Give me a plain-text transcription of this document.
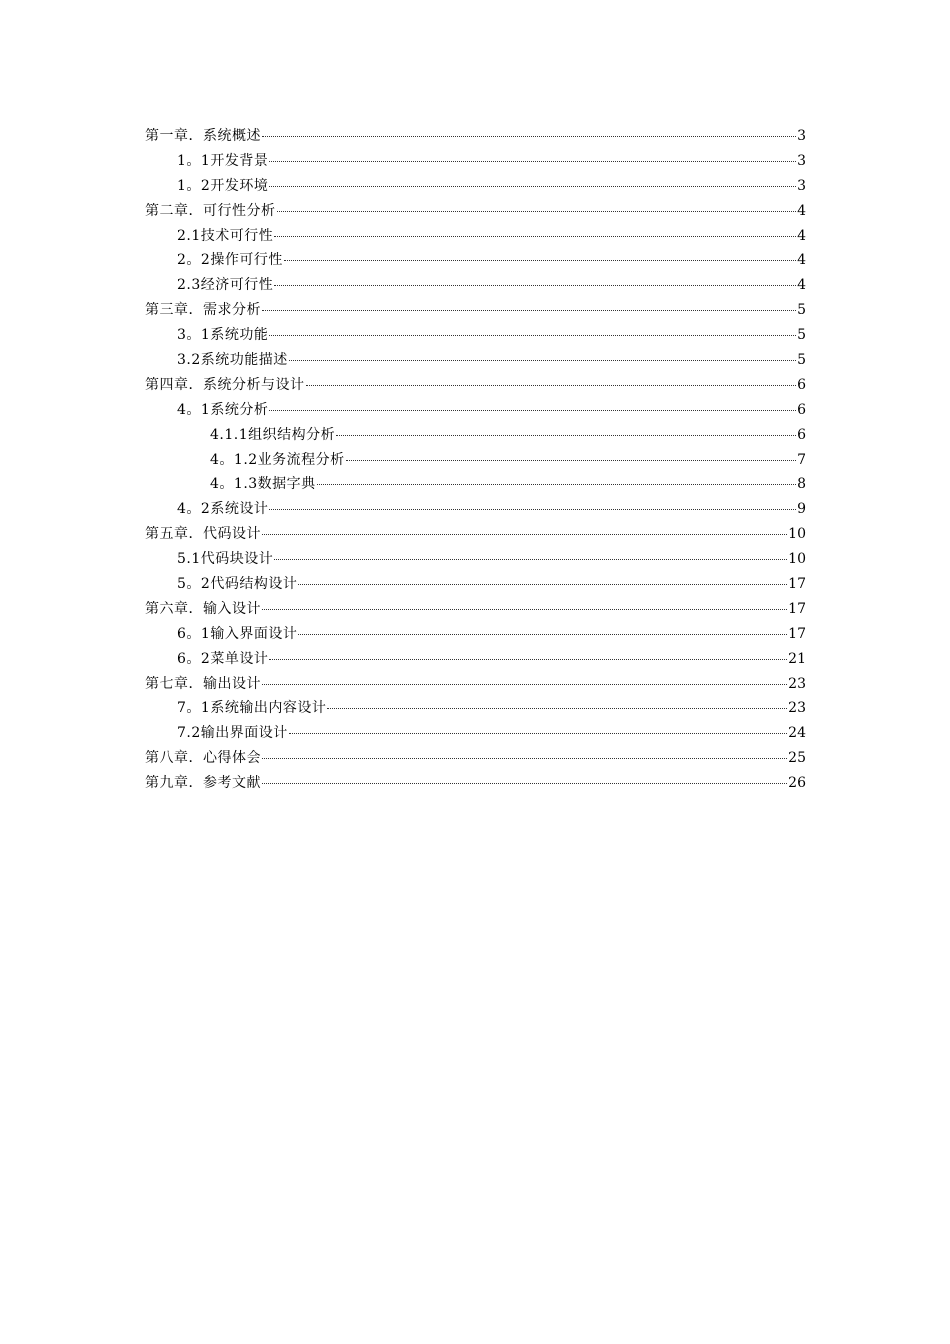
第一章．系统概述	3
1。1开发背景	3
1。2开发环境	3
第二章．可行性分析	4
2.1技术可行性	4
2。2操作可行性	4
2.3经济可行性	4
第三章．需求分析	5
3。1系统功能	5
3.2系统功能描述	5
第四章．系统分析与设计	6
4。1系统分析	6
4.1.1组织结构分析	6
4。1.2业务流程分析	7
4。1.3数据字典	8
4。2系统设计	9
第五章．代码设计	10
5.1代码块设计	10
5。2代码结构设计	17
第六章．输入设计	17
6。1输入界面设计	17
6。2菜单设计	21
第七章．输出设计	23
7。1系统输出内容设计	23
7.2输出界面设计	24
第八章．心得体会	25
第九章．参考文献	26
